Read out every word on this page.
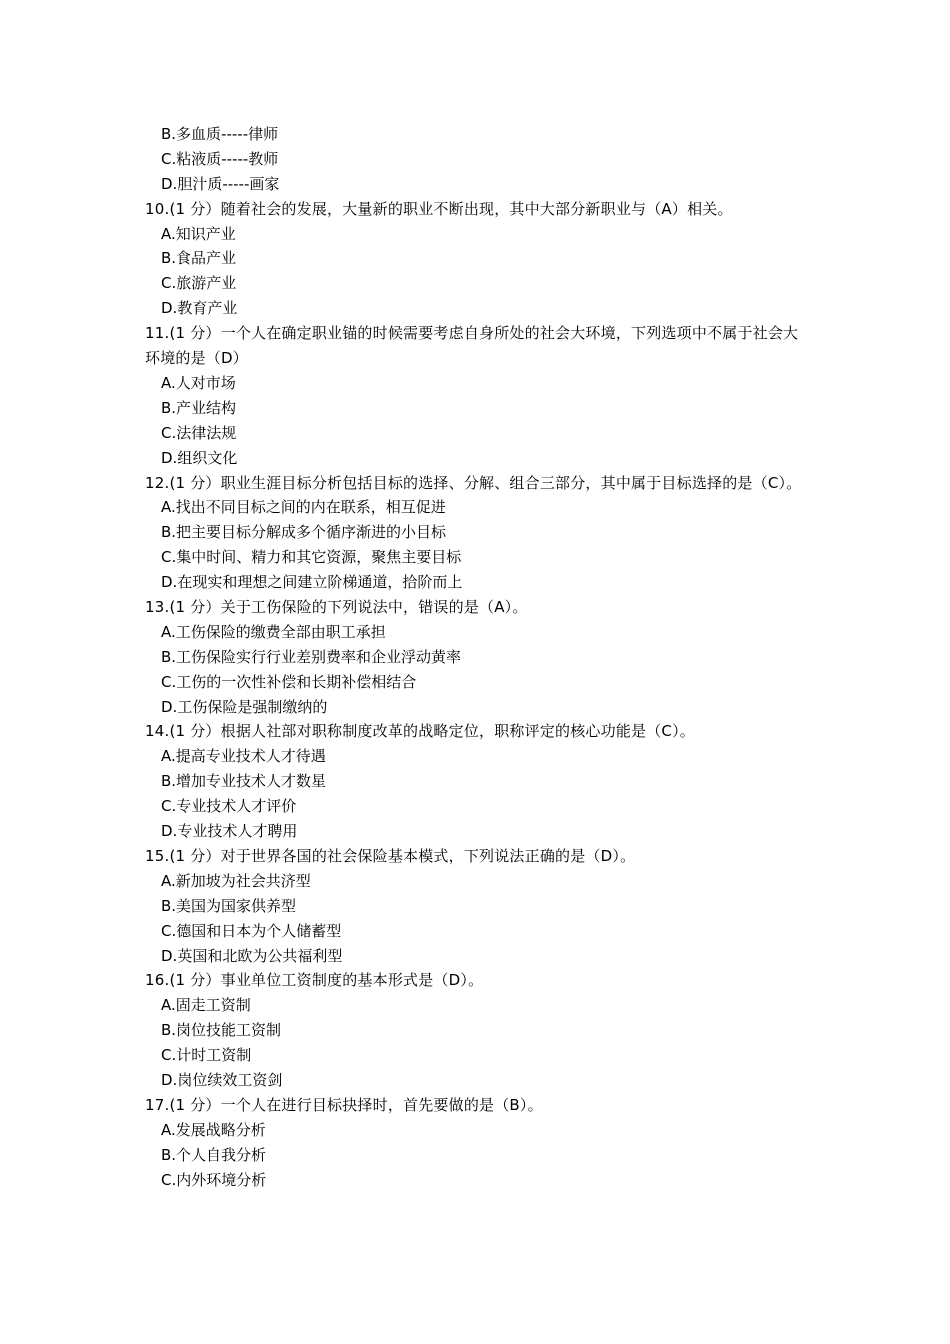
B.多血质-----律师
C.粘液质-----教师
D.胆汁质-----画家
10.(1 分）随着社会的发展，大量新的职业不断出现，其中大部分新职业与（A）相关。
A.知识产业
B.食品产业
C.旅游产业
D.教育产业
11.(1 分）一个人在确定职业锚的时候需要考虑自身所处的社会大环境，下列选项中不属于社会大环境的是（D）
A.人对市场
B.产业结构
C.法律法规
D.组织文化
12.(1 分）职业生涯目标分析包括目标的选择、分解、组合三部分，其中属于目标选择的是（C）。
A.找出不同目标之间的内在联系，相互促进
B.把主要目标分解成多个循序渐进的小目标
C.集中时间、精力和其它资源，聚焦主要目标
D.在现实和理想之间建立阶梯通道，拾阶而上
13.(1 分）关于工伤保险的下列说法中，错误的是（A）。
A.工伤保险的缴费全部由职工承担
B.工伤保险实行行业差别费率和企业浮动黄率
C.工伤的一次性补偿和长期补偿相结合
D.工伤保险是强制缴纳的
14.(1 分）根据人社部对职称制度改革的战略定位，职称评定的核心功能是（C）。
A.提高专业技术人才待遇
B.增加专业技术人才数星
C.专业技术人才评价
D.专业技术人才聘用
15.(1 分）对于世界各国的社会保险基本模式，下列说法正确的是（D）。
A.新加坡为社会共济型
B.美国为国家供养型
C.德国和日本为个人储蓄型
D.英国和北欧为公共福利型
16.(1 分）事业单位工资制度的基本形式是（D）。
A.固走工资制
B.岗位技能工资制
C.计时工资制
D.岗位续效工资剑
17.(1 分）一个人在进行目标抉择时，首先要做的是（B）。
A.发展战略分析
B.个人自我分析
C.内外环境分析
